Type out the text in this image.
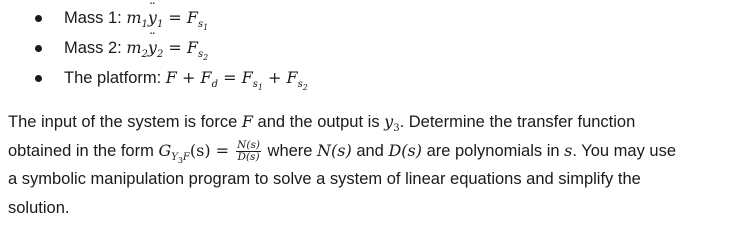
Mass 1: $m_1y$ $¨_1 = F_{s_1}$
Mass 2: $m_2y$ $¨_2 = F_{s_2}$
The platform: $F + F_d = F_{s_1} + F_{s_2}$
The input of the system is force F and the output is $y_3$. Determine the transfer function
obtained in the form $G_{Y_3F}(s) = \frac{N(s)}{D(s)}$ where N(s) and D(s) are polynomials in s. You may use
a symbolic manipulation program to solve a system of linear equations and simplify the
solution.
